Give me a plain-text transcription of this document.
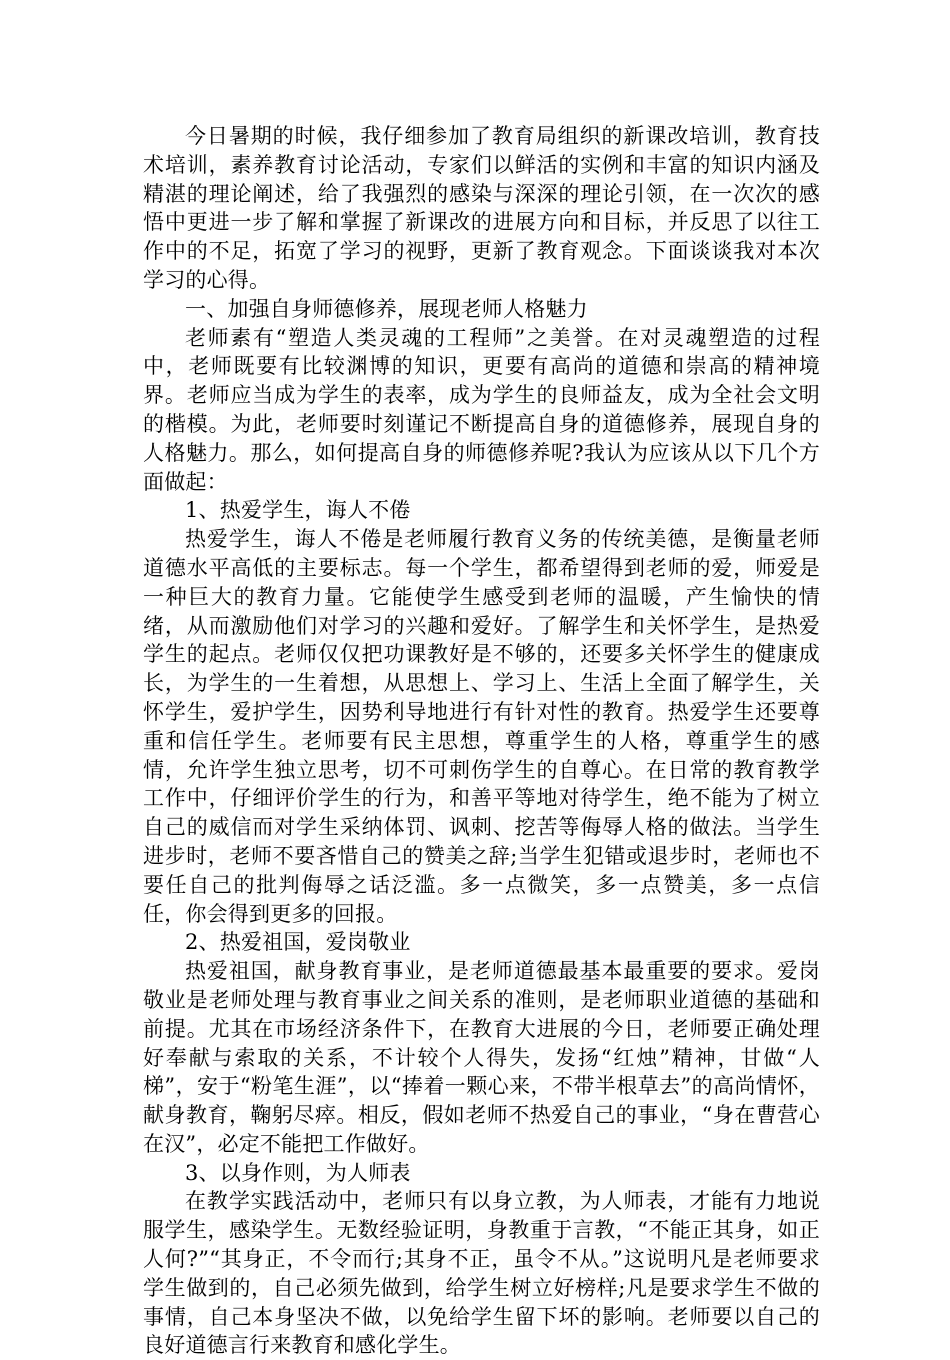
今日暑期的时候，我仔细参加了教育局组织的新课改培训，教育技术培训，素养教育讨论活动，专家们以鲜活的实例和丰富的知识内涵及精湛的理论阐述，给了我强烈的感染与深深的理论引领，在一次次的感悟中更进一步了解和掌握了新课改的进展方向和目标，并反思了以往工作中的不足，拓宽了学习的视野，更新了教育观念。下面谈谈我对本次学习的心得。

一、加强自身师德修养，展现老师人格魅力

老师素有“塑造人类灵魂的工程师”之美誉。在对灵魂塑造的过程中，老师既要有比较渊博的知识，更要有高尚的道德和崇高的精神境界。老师应当成为学生的表率，成为学生的良师益友，成为全社会文明的楷模。为此，老师要时刻谨记不断提高自身的道德修养，展现自身的人格魅力。那么，如何提高自身的师德修养呢?我认为应该从以下几个方面做起：

1、热爱学生，诲人不倦

热爱学生，诲人不倦是老师履行教育义务的传统美德，是衡量老师道德水平高低的主要标志。每一个学生，都希望得到老师的爱，师爱是一种巨大的教育力量。它能使学生感受到老师的温暖，产生愉快的情绪，从而激励他们对学习的兴趣和爱好。了解学生和关怀学生，是热爱学生的起点。老师仅仅把功课教好是不够的，还要多关怀学生的健康成长，为学生的一生着想，从思想上、学习上、生活上全面了解学生，关怀学生，爱护学生，因势利导地进行有针对性的教育。热爱学生还要尊重和信任学生。老师要有民主思想，尊重学生的人格，尊重学生的感情，允许学生独立思考，切不可刺伤学生的自尊心。在日常的教育教学工作中，仔细评价学生的行为，和善平等地对待学生，绝不能为了树立自己的威信而对学生采纳体罚、讽刺、挖苦等侮辱人格的做法。当学生进步时，老师不要吝惜自己的赞美之辞;当学生犯错或退步时，老师也不要任自己的批判侮辱之话泛滥。多一点微笑，多一点赞美，多一点信任，你会得到更多的回报。

2、热爱祖国，爱岗敬业

热爱祖国，献身教育事业，是老师道德最基本最重要的要求。爱岗敬业是老师处理与教育事业之间关系的准则，是老师职业道德的基础和前提。尤其在市场经济条件下，在教育大进展的今日，老师要正确处理好奉献与索取的关系，不计较个人得失，发扬“红烛”精神，甘做“人梯”，安于“粉笔生涯”，以“捧着一颗心来，不带半根草去”的高尚情怀，献身教育，鞠躬尽瘁。相反，假如老师不热爱自己的事业，“身在曹营心在汉”，必定不能把工作做好。

3、以身作则，为人师表

在教学实践活动中，老师只有以身立教，为人师表，才能有力地说服学生，感染学生。无数经验证明，身教重于言教，“不能正其身，如正人何?”“其身正，不令而行;其身不正，虽令不从。”这说明凡是老师要求学生做到的，自己必须先做到，给学生树立好榜样;凡是要求学生不做的事情，自己本身坚决不做，以免给学生留下坏的影响。老师要以自己的良好道德言行来教育和感化学生。
